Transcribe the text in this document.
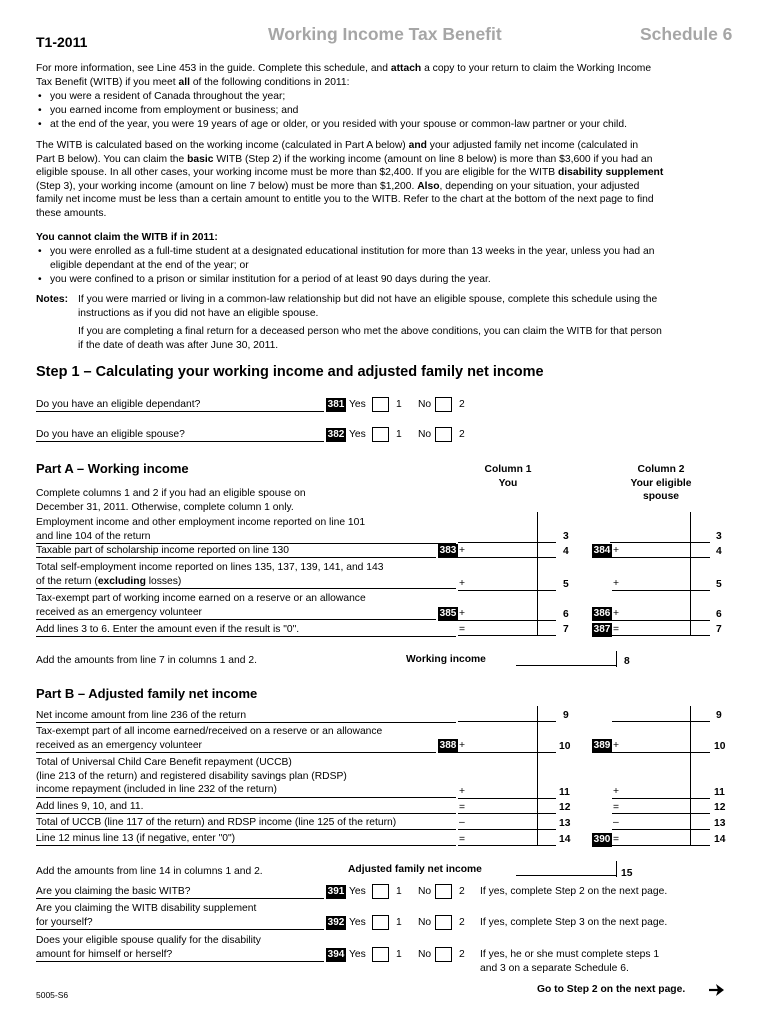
T1-2011	Working Income Tax Benefit	Schedule 6
For more information, see Line 453 in the guide. Complete this schedule, and attach a copy to your return to claim the Working Income
Tax Benefit (WITB) if you meet all of the following conditions in 2011:
• you were a resident of Canada throughout the year;
• you earned income from employment or business; and
• at the end of the year, you were 19 years of age or older, or you resided with your spouse or common-law partner or your child.
The WITB is calculated based on the working income (calculated in Part A below) and your adjusted family net income (calculated in
Part B below). You can claim the basic WITB (Step 2) if the working income (amount on line 8 below) is more than $3,600 if you had an
eligible spouse. In all other cases, your working income must be more than $2,400. If you are eligible for the WITB disability supplement
(Step 3), your working income (amount on line 7 below) must be more than $1,200. Also, depending on your situation, your adjusted
family net income must be less than a certain amount to entitle you to the WITB. Refer to the chart at the bottom of the next page to find
these amounts.
You cannot claim the WITB if in 2011:
• you were enrolled as a full-time student at a designated educational institution for more than 13 weeks in the year, unless you had an
eligible dependant at the end of the year; or
• you were confined to a prison or similar institution for a period of at least 90 days during the year.
Notes: If you were married or living in a common-law relationship but did not have an eligible spouse, complete this schedule using the
instructions as if you did not have an eligible spouse.
If you are completing a final return for a deceased person who met the above conditions, you can claim the WITB for that person
if the date of death was after June 30, 2011.
Step 1 – Calculating your working income and adjusted family net income
Do you have an eligible dependant?	381 Yes	1 No	2
Do you have an eligible spouse?	382 Yes	1 No	2
Part A – Working income	Column 1
You
Column 2
Your eligible
spouse
Complete columns 1 and 2 if you had an eligible spouse on
December 31, 2011. Otherwise, complete column 1 only.
Employment income and other employment income reported on line 101
and line 104 of the return	3	3
Taxable part of scholarship income reported on line 130	383 +	4 384 +	4
Total self-employment income reported on lines 135, 137, 139, 141, and 143
of the return (excluding losses)	+	5	+	5
Tax-exempt part of working income earned on a reserve or an allowance
received as an emergency volunteer	385 +	6 386 +	6
Add lines 3 to 6. Enter the amount even if the result is "0".	=	7 387 =	7
Add the amounts from line 7 in columns 1 and 2.	Working income	8
Part B – Adjusted family net income
Net income amount from line 236 of the return	9	9
Tax-exempt part of all income earned/received on a reserve or an allowance
received as an emergency volunteer	388 +	10 389 +	10
Total of Universal Child Care Benefit repayment (UCCB)
(line 213 of the return) and registered disability savings plan (RDSP)
income repayment (included in line 232 of the return)	+	11	+	11
Add lines 9, 10, and 11.	=	12	=	12
Total of UCCB (line 117 of the return) and RDSP income (line 125 of the return)	–	13	–	13
Line 12 minus line 13 (if negative, enter "0")	=	14 390 =	14
Add the amounts from line 14 in columns 1 and 2.	Adjusted family net income	15
Are you claiming the basic WITB?	391 Yes	1 No	2 If yes, complete Step 2 on the next page.
Are you claiming the WITB disability supplement
for yourself?	392 Yes	1 No	2 If yes, complete Step 3 on the next page.
Does your eligible spouse qualify for the disability
amount for himself or herself?	394 Yes	1 No	2 If yes, he or she must complete steps 1
and 3 on a separate Schedule 6.
5005-S6	Go to Step 2 on the next page.
